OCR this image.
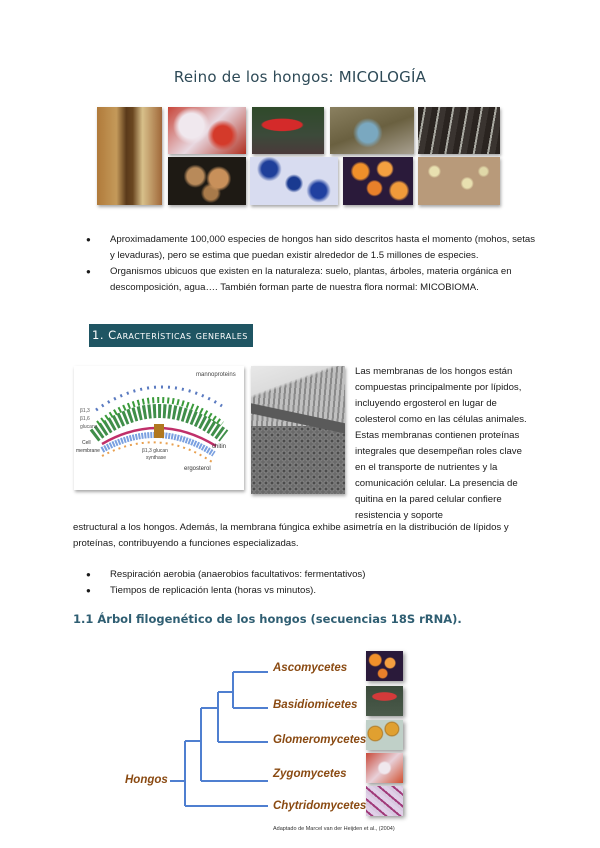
Reino de los hongos: MICOLOGÍA
● Aproximadamente 100,000 especies de hongos han sido descritos hasta el momento (mohos, setas y levaduras), pero se estima que puedan existir alrededor de 1.5 millones de especies.
● Organismos ubicuos que existen en la naturaleza: suelo, plantas, árboles, materia orgánica en descomposición, agua…. También forman parte de nuestra flora normal: MICOBIOMA.
1. Características generales
mannoproteins
β1,3
β1,6
glucans
Cell
membrane	β1,3 glucan
synthase
chitin
ergosterol
Las membranas de los hongos están compuestas principalmente por lípidos, incluyendo ergosterol en lugar de colesterol como en las células animales. Estas membranas contienen proteínas integrales que desempeñan roles clave en el transporte de nutrientes y la comunicación celular. La presencia de quitina en la pared celular confiere resistencia y soporte
estructural a los hongos. Además, la membrana fúngica exhibe asimetría en la distribución de lípidos y proteínas, contribuyendo a funciones especializadas.
● Respiración aerobia (anaerobios facultativos: fermentativos)
● Tiempos de replicación lenta (horas vs minutos).
1.1 Árbol filogenético de los hongos (secuencias 18S rRNA).
Hongos
Ascomycetes
Basidiomicetes
Glomeromycetes
Zygomycetes
Chytridomycetes
Adaptado de Marcel van der Heijden et al., (2004)
